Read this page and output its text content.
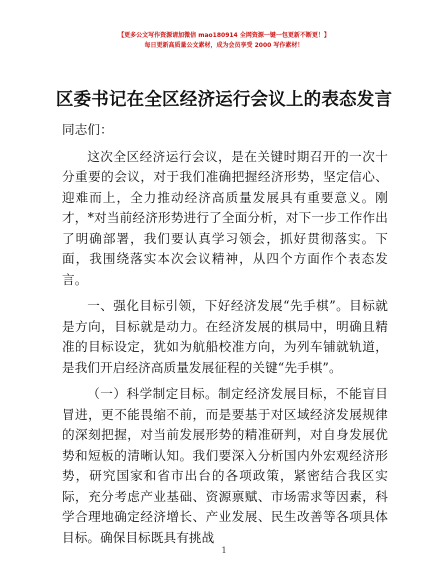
【更多公文写作资源请加微信 mao180914 全网资源一键一包更新不断更！】
每日更新高质量公文素材，成为会员享受 2000 写作素材！
区委书记在全区经济运行会议上的表态发言

同志们：

这次全区经济运行会议，是在关键时期召开的一次十分重要的会议，对于我们准确把握经济形势，坚定信心、迎难而上，全力推动经济高质量发展具有重要意义。刚才，*对当前经济形势进行了全面分析，对下一步工作作出了明确部署，我们要认真学习领会，抓好贯彻落实。下面，我围绕落实本次会议精神，从四个方面作个表态发言。

一、强化目标引领，下好经济发展“先手棋”。目标就是方向，目标就是动力。在经济发展的棋局中，明确且精准的目标设定，犹如为航船校准方向，为列车铺就轨道，是我们开启经济高质量发展征程的关键“先手棋”。

（一）科学制定目标。制定经济发展目标，不能盲目冒进，更不能畏缩不前，而是要基于对区域经济发展规律的深刻把握，对当前发展形势的精准研判，对自身发展优势和短板的清晰认知。我们要深入分析国内外宏观经济形势，研究国家和省市出台的各项政策，紧密结合我区实际，充分考虑产业基础、资源禀赋、市场需求等因素，科学合理地确定经济增长、产业发展、民生改善等各项具体目标。确保目标既具有挑战

1
